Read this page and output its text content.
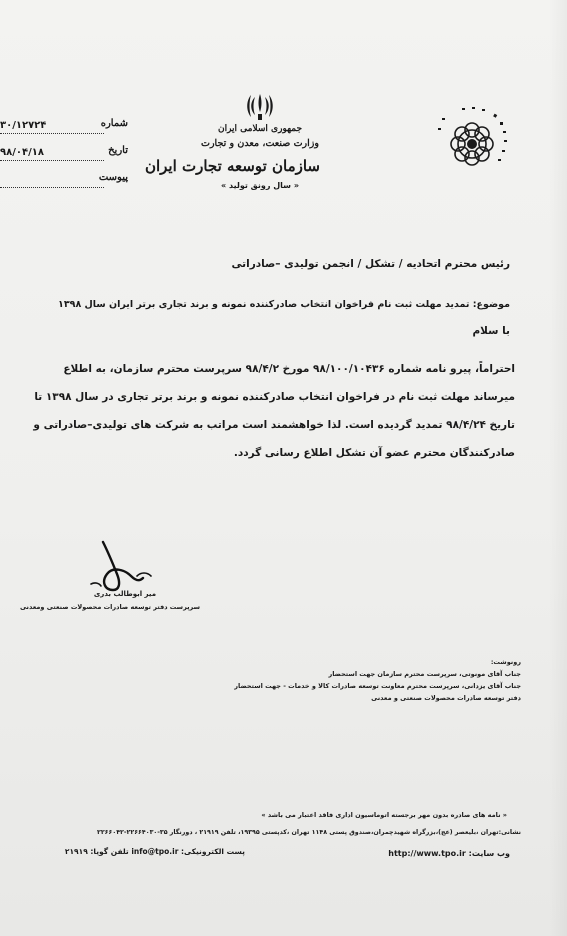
۳۰/۱۲۷۲۴	شماره
۹۸/۰۴/۱۸	تاریخ
پیوست
جمهوری اسلامی ایران
وزارت صنعت، معدن و تجارت
سازمان توسعه تجارت ایران
« سال رونق تولید »
رئیس محترم اتحادیه / تشکل / انجمن تولیدی –صادراتی
موضوع: تمدید مهلت ثبت نام فراخوان انتخاب صادرکننده نمونه و برند تجاری برتر ایران سال ۱۳۹۸
با سلام
احتراماً، پیرو نامه شماره ۹۸/۱۰۰/۱۰۴۳۶ مورخ ۹۸/۴/۲ سرپرست محترم سازمان، به اطلاع
میرساند مهلت ثبت نام در فراخوان انتخاب صادرکننده نمونه و برند برتر تجاری در سال ۱۳۹۸ تا
تاریخ ۹۸/۴/۲۴ تمدید گردیده است. لذا خواهشمند است مراتب به شرکت های تولیدی–صادراتی و
صادرکنندگان محترم عضو آن تشکل اطلاع رسانی گردد.
میر ابوطالب بدری
سرپرست دفتر توسعه صادرات محصولات صنعتی ومعدنی
رونوشت:
جناب آقای مونوتی، سرپرست محترم سازمان جهت استحضار
جناب آقای یزدانی، سرپرست محترم معاونت توسعه صادرات کالا و خدمات - جهت استحضار
دفتر توسعه صادرات محصولات صنعتی و معدنی
« نامه های صادره بدون مهر برجسته اتوماسیون اداری فاقد اعتبار می باشد »
نشانی:تهران ،بلیعصر (عج)،بزرگراه شهیدچمران،صندوق پستی ۱۱۴۸ تهران ،کدپستی ۱۹۳۹۵، تلفن ۲۱۹۱۹ ، دورنگار ۳۵-۲۲۶۶۴۰۳۰-۲۲۶۶۰۴۲
وب سایت: http://www.tpo.ir
پست الکترونیکی: info@tpo.ir تلفن گویا: ۲۱۹۱۹
